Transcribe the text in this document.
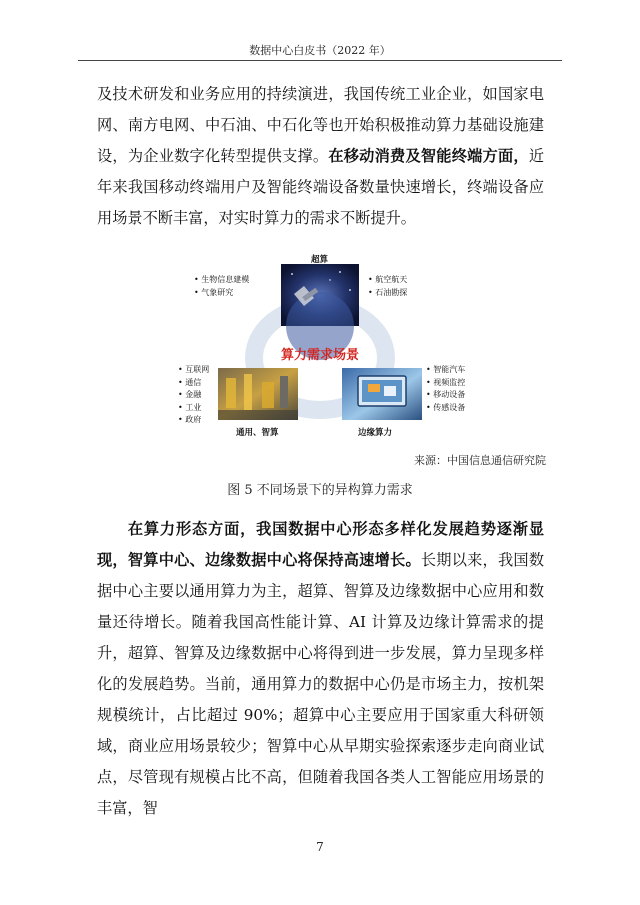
数据中心白皮书（2022 年）

及技术研发和业务应用的持续演进，我国传统工业企业，如国家电网、南方电网、中石油、中石化等也开始积极推动算力基础设施建设，为企业数字化转型提供支撑。在移动消费及智能终端方面，近年来我国移动终端用户及智能终端设备数量快速增长，终端设备应用场景不断丰富，对实时算力的需求不断提升。

• 生物信息建模
• 气象研究
• 航空航天
• 石油勘探
• 互联网
• 通信
• 金融
• 工业
• 政府
• 智能汽车
• 视频监控
• 移动设备
• 传感设备
超算
通用、智算	边缘算力
算力需求场景
来源：中国信息通信研究院
图 5 不同场景下的异构算力需求

在算力形态方面，我国数据中心形态多样化发展趋势逐渐显现，智算中心、边缘数据中心将保持高速增长。长期以来，我国数据中心主要以通用算力为主，超算、智算及边缘数据中心应用和数量还待增长。随着我国高性能计算、AI 计算及边缘计算需求的提升，超算、智算及边缘数据中心将得到进一步发展，算力呈现多样化的发展趋势。当前，通用算力的数据中心仍是市场主力，按机架规模统计，占比超过 90%；超算中心主要应用于国家重大科研领域，商业应用场景较少；智算中心从早期实验探索逐步走向商业试点，尽管现有规模占比不高，但随着我国各类人工智能应用场景的丰富，智

7
